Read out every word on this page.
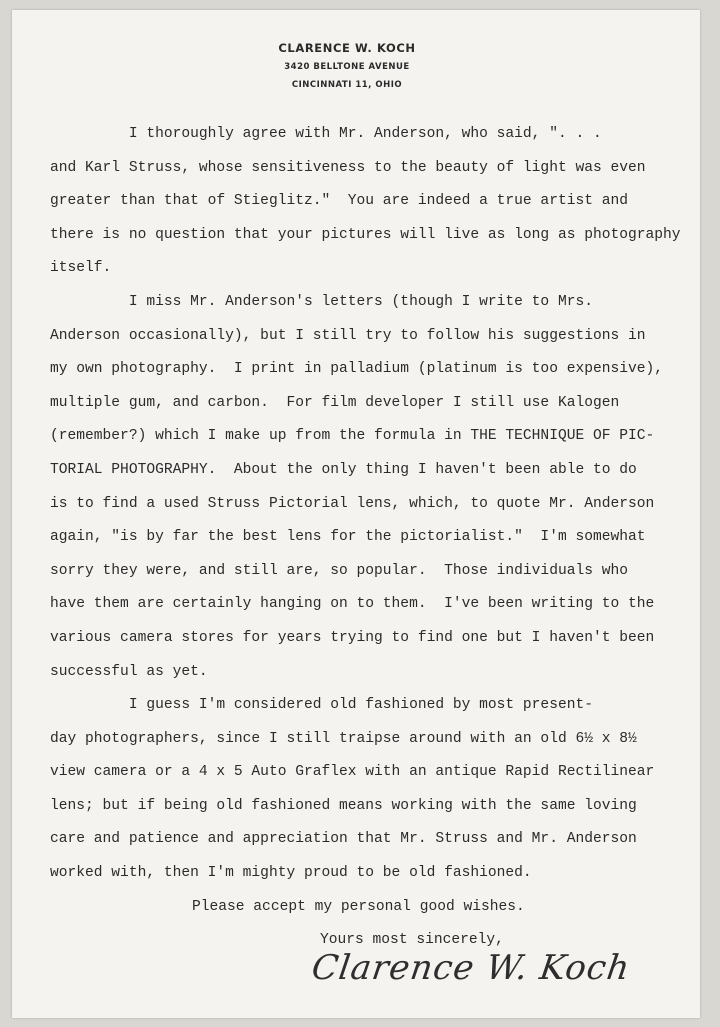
CLARENCE W. KOCH
3420 BELLTONE AVENUE
CINCINNATI 11, OHIO
I thoroughly agree with Mr. Anderson, who said, ". . .
and Karl Struss, whose sensitiveness to the beauty of light was even
greater than that of Stieglitz."  You are indeed a true artist and
there is no question that your pictures will live as long as photography
itself.
I miss Mr. Anderson's letters (though I write to Mrs.
Anderson occasionally), but I still try to follow his suggestions in
my own photography.  I print in palladium (platinum is too expensive),
multiple gum, and carbon.  For film developer I still use Kalogen
(remember?) which I make up from the formula in THE TECHNIQUE OF PIC-
TORIAL PHOTOGRAPHY.  About the only thing I haven't been able to do
is to find a used Struss Pictorial lens, which, to quote Mr. Anderson
again, "is by far the best lens for the pictorialist."  I'm somewhat
sorry they were, and still are, so popular.  Those individuals who
have them are certainly hanging on to them.  I've been writing to the
various camera stores for years trying to find one but I haven't been
successful as yet.
I guess I'm considered old fashioned by most present-
day photographers, since I still traipse around with an old 6½ x 8½
view camera or a 4 x 5 Auto Graflex with an antique Rapid Rectilinear
lens; but if being old fashioned means working with the same loving
care and patience and appreciation that Mr. Struss and Mr. Anderson
worked with, then I'm mighty proud to be old fashioned.
Please accept my personal good wishes.
Yours most sincerely,
Clarence W. Koch
